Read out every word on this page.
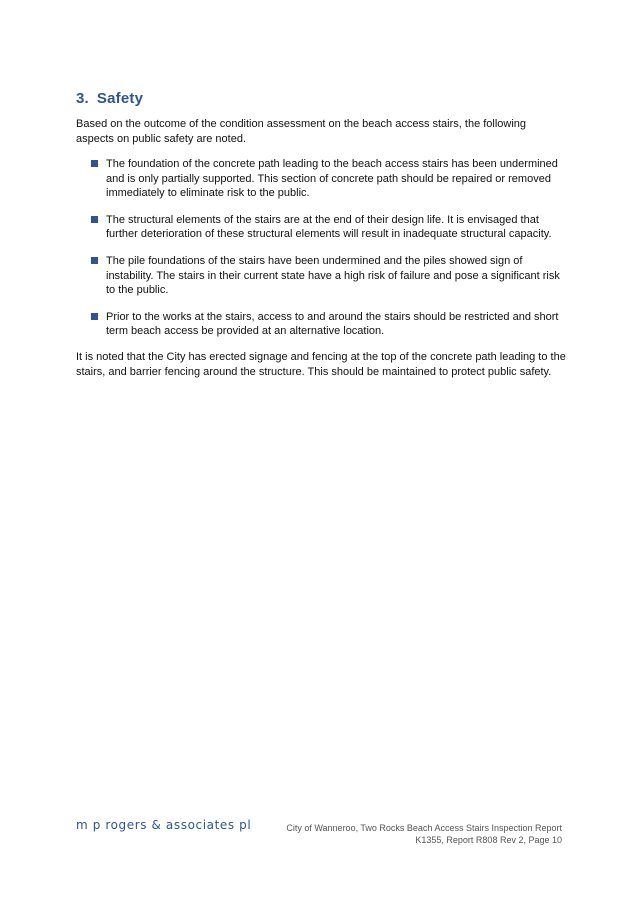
3. Safety

Based on the outcome of the condition assessment on the beach access stairs, the following aspects on public safety are noted.

The foundation of the concrete path leading to the beach access stairs has been undermined and is only partially supported. This section of concrete path should be repaired or removed immediately to eliminate risk to the public.
The structural elements of the stairs are at the end of their design life. It is envisaged that further deterioration of these structural elements will result in inadequate structural capacity.
The pile foundations of the stairs have been undermined and the piles showed sign of instability. The stairs in their current state have a high risk of failure and pose a significant risk to the public.
Prior to the works at the stairs, access to and around the stairs should be restricted and short term beach access be provided at an alternative location.

It is noted that the City has erected signage and fencing at the top of the concrete path leading to the stairs, and barrier fencing around the structure. This should be maintained to protect public safety.

m p rogers & associates pl	City of Wanneroo, Two Rocks Beach Access Stairs Inspection Report
K1355, Report R808 Rev 2, Page 10
